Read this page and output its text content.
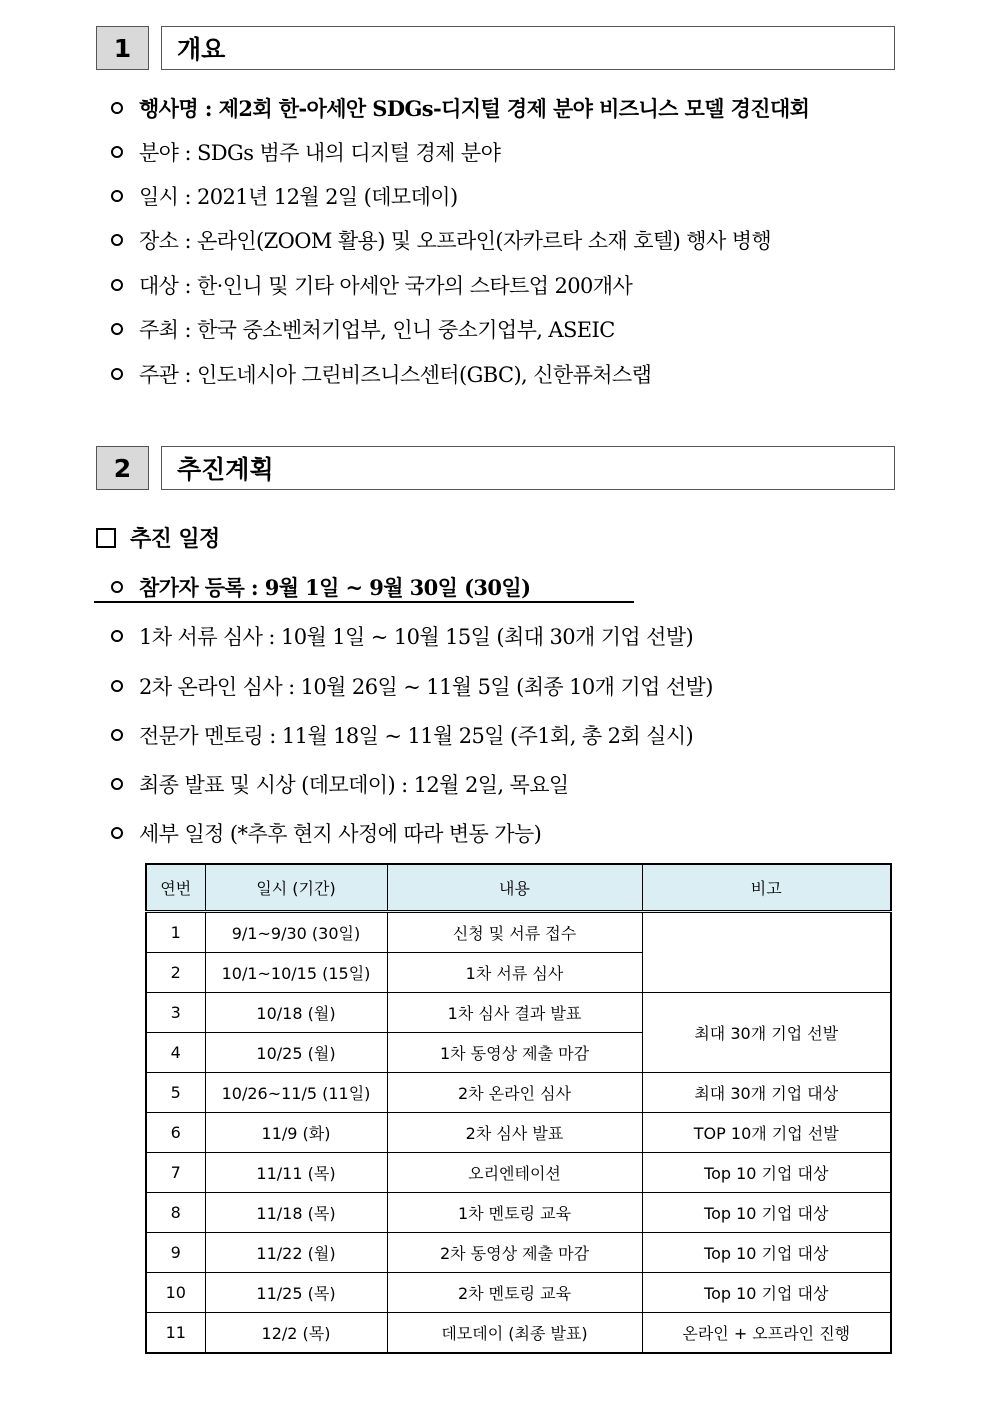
1	개요
행사명 : 제2회 한-아세안 SDGs-디지털 경제 분야 비즈니스 모델 경진대회
분야 : SDGs 범주 내의 디지털 경제 분야
일시 : 2021년 12월 2일 (데모데이)
장소 : 온라인(ZOOM 활용) 및 오프라인(자카르타 소재 호텔) 행사 병행
대상 : 한·인니 및 기타 아세안 국가의 스타트업 200개사
주최 : 한국 중소벤처기업부, 인니 중소기업부, ASEIC
주관 : 인도네시아 그린비즈니스센터(GBC), 신한퓨처스랩
2	추진계획
추진 일정
참가자 등록 : 9월 1일 ~ 9월 30일 (30일)
1차 서류 심사 : 10월 1일 ~ 10월 15일 (최대 30개 기업 선발)
2차 온라인 심사 : 10월 26일 ~ 11월 5일 (최종 10개 기업 선발)
전문가 멘토링 : 11월 18일 ~ 11월 25일 (주1회, 총 2회 실시)
최종 발표 및 시상 (데모데이) : 12월 2일, 목요일
세부 일정 (*추후 현지 사정에 따라 변동 가능)
연번	일시 (기간)	내용	비고
1	9/1~9/30 (30일)	신청 및 서류 접수	
2	10/1~10/15 (15일)	1차 서류 심사	
3	10/18 (월)	1차 심사 결과 발표	최대 30개 기업 선발
4	10/25 (월)	1차 동영상 제출 마감	
5	10/26~11/5 (11일)	2차 온라인 심사	최대 30개 기업 대상
6	11/9 (화)	2차 심사 발표	TOP 10개 기업 선발
7	11/11 (목)	오리엔테이션	Top 10 기업 대상
8	11/18 (목)	1차 멘토링 교육	Top 10 기업 대상
9	11/22 (월)	2차 동영상 제출 마감	Top 10 기업 대상
10	11/25 (목)	2차 멘토링 교육	Top 10 기업 대상
11	12/2 (목)	데모데이 (최종 발표)	온라인 + 오프라인 진행
